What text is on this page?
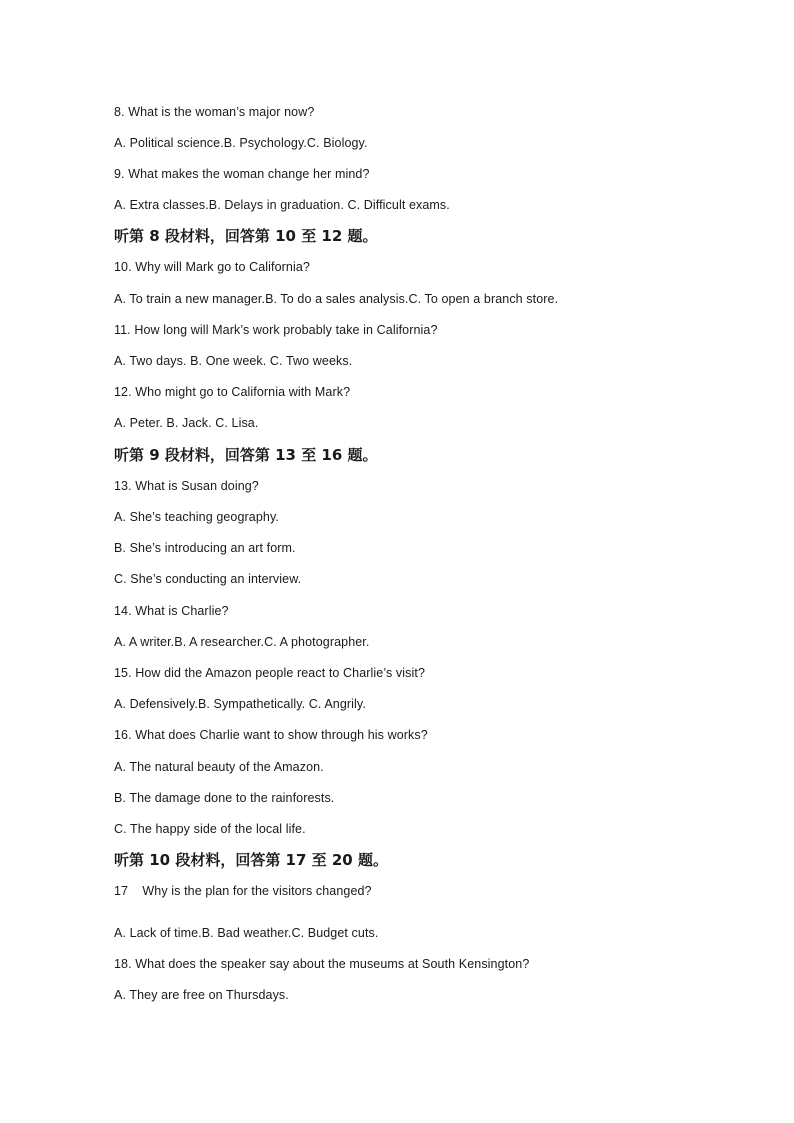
8. What is the woman’s major now?
A. Political science.B. Psychology.C. Biology.
9. What makes the woman change her mind?
A. Extra classes.B. Delays in graduation. C. Difficult exams.
听第 8 段材料，回答第 10 至 12 题。
10. Why will Mark go to California?
A. To train a new manager.B. To do a sales analysis.C. To open a branch store.
11. How long will Mark’s work probably take in California?
A. Two days. B. One week. C. Two weeks.
12. Who might go to California with Mark?
A. Peter. B. Jack. C. Lisa.
听第 9 段材料，回答第 13 至 16 题。
13. What is Susan doing?
A. She’s teaching geography.
B. She’s introducing an art form.
C. She’s conducting an interview.
14. What is Charlie?
A. A writer.B. A researcher.C. A photographer.
15. How did the Amazon people react to Charlie’s visit?
A. Defensively.B. Sympathetically. C. Angrily.
16. What does Charlie want to show through his works?
A. The natural beauty of the Amazon.
B. The damage done to the rainforests.
C. The happy side of the local life.
听第 10 段材料，回答第 17 至 20 题。
17    Why is the plan for the visitors changed?
A. Lack of time.B. Bad weather.C. Budget cuts.
18. What does the speaker say about the museums at South Kensington?
A. They are free on Thursdays.
